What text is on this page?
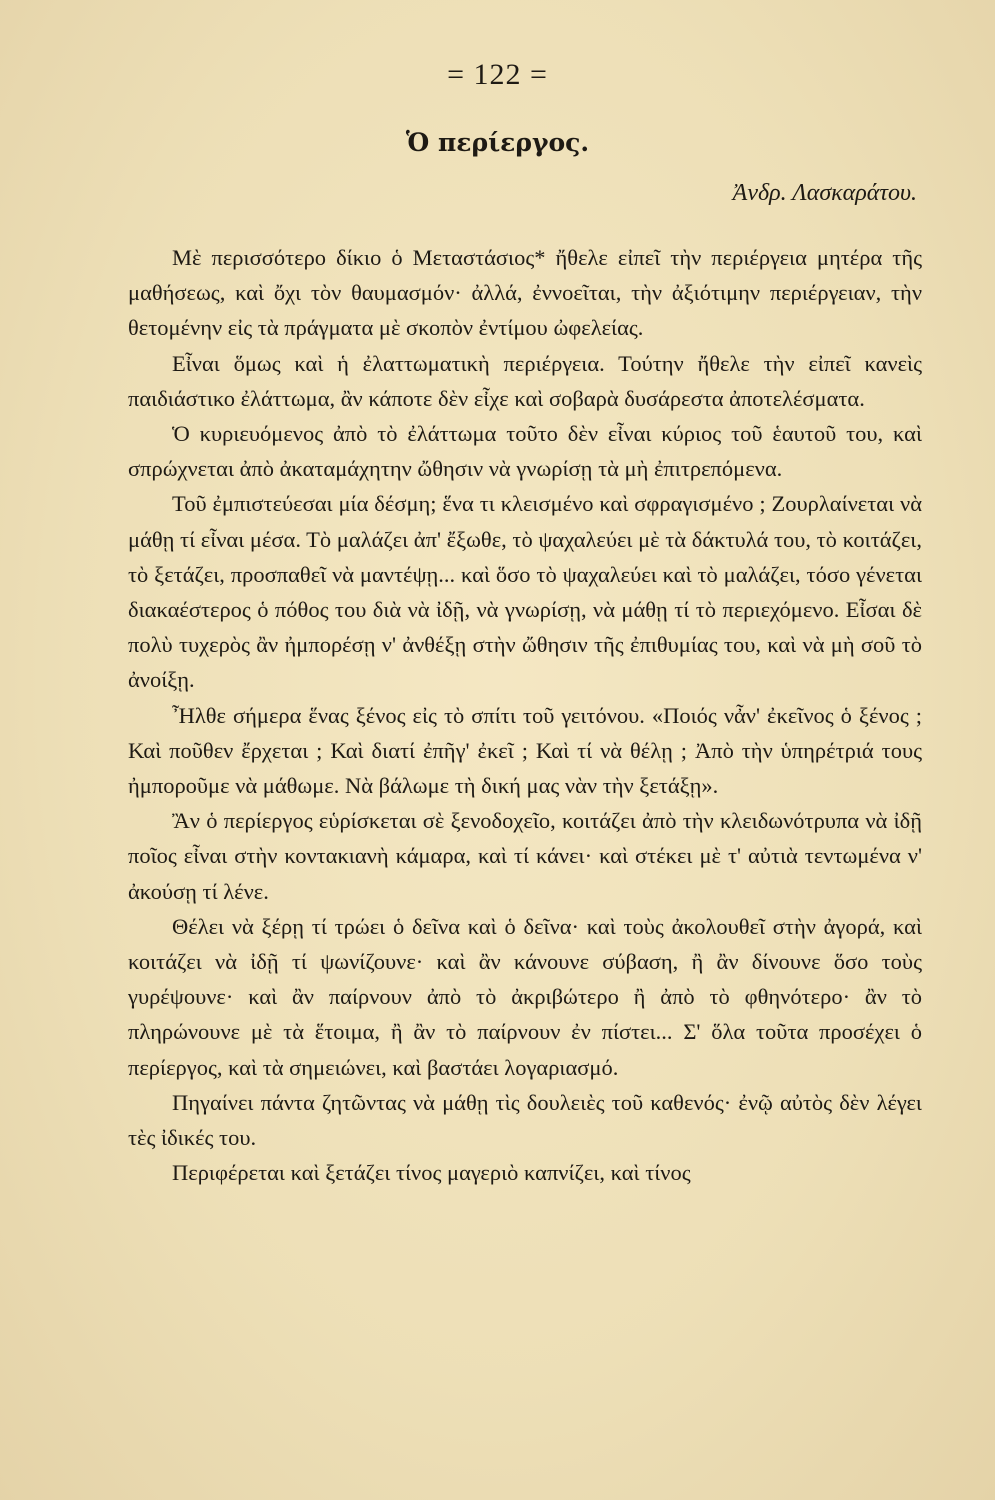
= 122 =
Ὁ περίεργος.
Ἀνδρ. Λασκαράτου.

Μὲ περισσότερο δίκιο ὁ Μεταστάσιος* ἤθελε εἰπεῖ τὴν περιέργεια μητέρα τῆς μαθήσεως, καὶ ὄχι τὸν θαυμασμόν· ἀλλά, ἐννοεῖται, τὴν ἀξιότιμην περιέργειαν, τὴν θετομένην εἰς τὰ πράγματα μὲ σκοπὸν ἐντίμου ὠφελείας.

Εἶναι ὅμως καὶ ἡ ἐλαττωματικὴ περιέργεια. Τούτην ἤθελε τὴν εἰπεῖ κανεὶς παιδιάστικο ἐλάττωμα, ἂν κάποτε δὲν εἶχε καὶ σοβαρὰ δυσάρεστα ἀποτελέσματα.

Ὁ κυριευόμενος ἀπὸ τὸ ἐλάττωμα τοῦτο δὲν εἶναι κύριος τοῦ ἑαυτοῦ του, καὶ σπρώχνεται ἀπὸ ἀκαταμάχητην ὤθησιν νὰ γνωρίσῃ τὰ μὴ ἐπιτρεπόμενα.

Τοῦ ἐμπιστεύεσαι μία δέσμη; ἕνα τι κλεισμένο καὶ σφραγισμένο ; Ζουρλαίνεται νὰ μάθῃ τί εἶναι μέσα. Τὸ μαλάζει ἀπ' ἔξωθε, τὸ ψαχαλεύει μὲ τὰ δάκτυλά του, τὸ κοιτάζει, τὸ ξετάζει, προσπαθεῖ νὰ μαντέψῃ... καὶ ὅσο τὸ ψαχαλεύει καὶ τὸ μαλάζει, τόσο γένεται διακαέστερος ὁ πόθος του διὰ νὰ ἰδῇ, νὰ γνωρίσῃ, νὰ μάθῃ τί τὸ περιεχόμενο. Εἶσαι δὲ πολὺ τυχερὸς ἂν ἠμπορέσῃ ν' ἀνθέξῃ στὴν ὤθησιν τῆς ἐπιθυμίας του, καὶ νὰ μὴ σοῦ τὸ ἀνοίξῃ.

Ἦλθε σήμερα ἕνας ξένος εἰς τὸ σπίτι τοῦ γειτόνου. «Ποιός νἆν' ἐκεῖνος ὁ ξένος ; Καὶ ποῦθεν ἔρχεται ; Καὶ διατί ἐπῆγ' ἐκεῖ ; Καὶ τί νὰ θέλῃ ; Ἀπὸ τὴν ὑπηρέτριά τους ἠμποροῦμε νὰ μάθωμε. Νὰ βάλωμε τὴ δική μας νὰν τὴν ξετάξῃ».

Ἂν ὁ περίεργος εὑρίσκεται σὲ ξενοδοχεῖο, κοιτάζει ἀπὸ τὴν κλειδωνότρυπα νὰ ἰδῇ ποῖος εἶναι στὴν κοντακιανὴ κάμαρα, καὶ τί κάνει· καὶ στέκει μὲ τ' αὐτιὰ τεντωμένα ν' ἀκούσῃ τί λένε.

Θέλει νὰ ξέρῃ τί τρώει ὁ δεῖνα καὶ ὁ δεῖνα· καὶ τοὺς ἀκολουθεῖ στὴν ἀγορά, καὶ κοιτάζει νὰ ἰδῇ τί ψωνίζουνε· καὶ ἂν κάνουνε σύβαση, ἢ ἂν δίνουνε ὅσο τοὺς γυρέψουνε· καὶ ἂν παίρνουν ἀπὸ τὸ ἀκριβώτερο ἢ ἀπὸ τὸ φθηνότερο· ἂν τὸ πληρώνουνε μὲ τὰ ἕτοιμα, ἢ ἂν τὸ παίρνουν ἐν πίστει... Σ' ὅλα τοῦτα προσέχει ὁ περίεργος, καὶ τὰ σημειώνει, καὶ βαστάει λογαριασμό.

Πηγαίνει πάντα ζητῶντας νὰ μάθῃ τὶς δουλειὲς τοῦ καθενός· ἐνῷ αὐτὸς δὲν λέγει τὲς ἰδικές του.

Περιφέρεται καὶ ξετάζει τίνος μαγεριὸ καπνίζει, καὶ τίνος
